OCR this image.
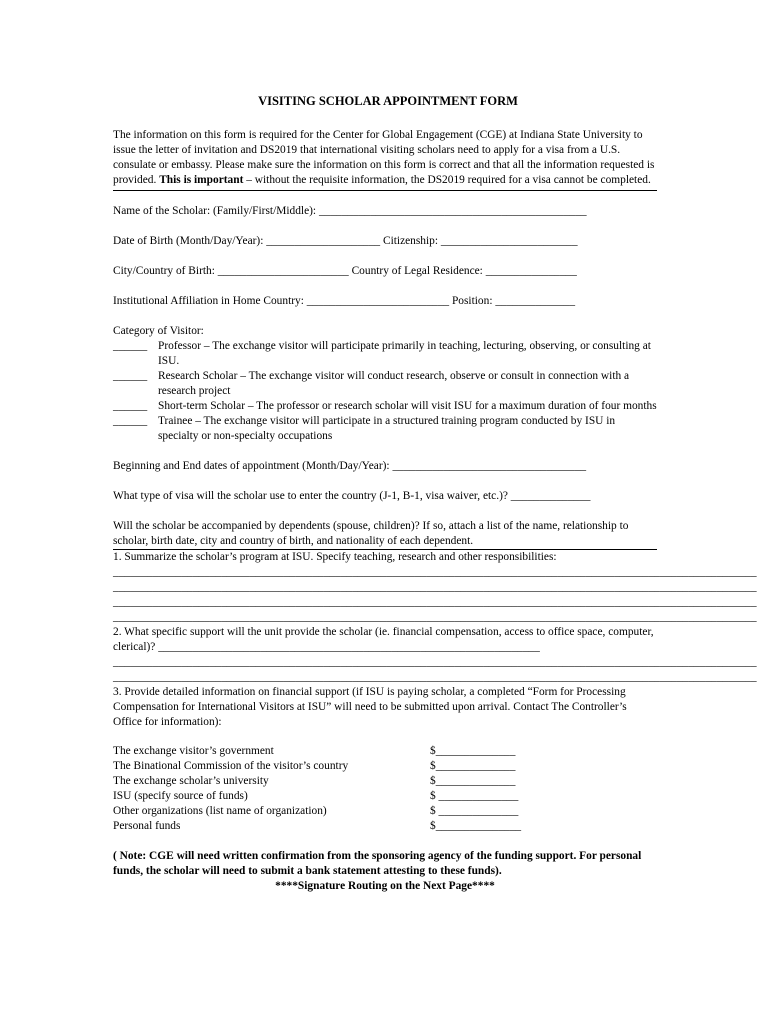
VISITING SCHOLAR APPOINTMENT FORM
The information on this form is required for the Center for Global Engagement (CGE) at Indiana State University to issue the letter of invitation and DS2019 that international visiting scholars need to apply for a visa from a U.S. consulate or embassy. Please make sure the information on this form is correct and that all the information requested is provided. This is important – without the requisite information, the DS2019 required for a visa cannot be completed.
Name of the Scholar: (Family/First/Middle): _______________________________________________
Date of Birth (Month/Day/Year): ____________________ Citizenship: ________________________
City/Country of Birth: _______________________ Country of Legal Residence: ________________
Institutional Affiliation in Home Country: _________________________ Position: ______________
Category of Visitor:
______ Professor – The exchange visitor will participate primarily in teaching, lecturing, observing, or consulting at ISU.
______ Research Scholar – The exchange visitor will conduct research, observe or consult in connection with a research project
______ Short-term Scholar – The professor or research scholar will visit ISU for a maximum duration of four months
______ Trainee – The exchange visitor will participate in a structured training program conducted by ISU in specialty or non-specialty occupations
Beginning and End dates of appointment (Month/Day/Year): __________________________________
What type of visa will the scholar use to enter the country (J-1, B-1, visa waiver, etc.)? ______________
Will the scholar be accompanied by dependents (spouse, children)? If so, attach a list of the name, relationship to scholar, birth date, city and country of birth, and nationality of each dependent.
1. Summarize the scholar’s program at ISU. Specify teaching, research and other responsibilities:
_________________________________________________________________________________________________________________
_________________________________________________________________________________________________________________
_________________________________________________________________________________________________________________
_________________________________________________________________________________________________________________
2. What specific support will the unit provide the scholar (ie. financial compensation, access to office space, computer, clerical)? ___________________________________________________________________
_________________________________________________________________________________________________________________
_________________________________________________________________________________________________________________
3. Provide detailed information on financial support (if ISU is paying scholar, a completed “Form for Processing Compensation for International Visitors at ISU” will need to be submitted upon arrival. Contact The Controller’s Office for information):
The exchange visitor’s government	$______________
The Binational Commission of the visitor’s country	$______________
The exchange scholar’s university	$______________
ISU (specify source of funds)	$ ______________
Other organizations (list name of organization)	$ ______________
Personal funds	$_______________
( Note: CGE will need written confirmation from the sponsoring agency of the funding support. For personal funds, the scholar will need to submit a bank statement attesting to these funds).
****Signature Routing on the Next Page****
